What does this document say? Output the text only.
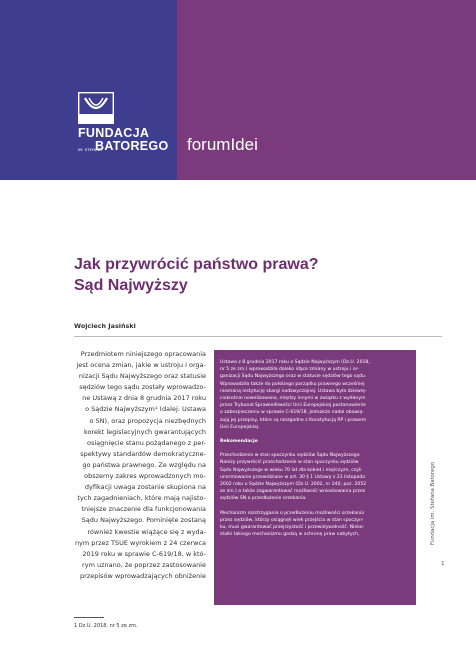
FUNDACJA
IM. STEFANA
BATOREGO forumIdei
Jak przywrócić państwo prawa?
Sąd Najwyższy
Wojciech Jasiński
Przedmiotem niniejszego opracowania
jest ocena zmian, jakie w ustroju i orga-
nizacji Sądu Najwyższego oraz statusie
sędziów tego sądu zostały wprowadzo-
ne Ustawą z dnia 8 grudnia 2017 roku
o Sądzie Najwyższym¹ (dalej: Ustawa
o SN), oraz propozycja niezbędnych
korekt legislacyjnych gwarantujących
osiągnięcie stanu pożądanego z per-
spektywy standardów demokratyczne-
go państwa prawnego. Ze względu na
obszerny zakres wprowadzonych mo-
dyfikacji uwaga zostanie skupiona na
tych zagadnieniach, które mają najisto-
tniejsze znaczenie dla funkcjonowania
Sądu Najwyższego. Pominięte zostaną
również kwestie wiążące się z wyda-
nym przez TSUE wyrokiem z 24 czerwca
2019 roku w sprawie C-619/18, w któ-
rym uznano, że poprzez zastosowanie
przepisów wprowadzających obniżenie
1 Dz.U. 2018, nr 5 ze zm.
Ustawa z 8 grudnia 2017 roku o Sądzie Najwyższym (Dz.U. 2018,
nr 5 ze zm.) wprowadziła daleko idące zmiany w ustroju i or-
ganizacji Sądu Najwyższego oraz w statusie sędziów tego sądu.
Wprowadziła także do polskiego porządku prawnego wcześniej
nieznaną instytucję skargi nadzwyczajnej. Ustawa była dziewię-
ciokrotnie nowelizowana, między innymi w związku z wydanym
przez Trybunał Sprawiedliwości Unii Europejskiej postanowienie
o zabezpieczeniu w sprawie C-619/18. Jednakże nadal obowią-
zują jej przepisy, które są niezgodne z Konstytucją RP i prawem
Unii Europejskiej.
Rekomendacje
Przechodzenie w stan spoczynku sędziów Sądu Najwyższego
Należy przywrócić przechodzenie w stan spoczynku sędziów
Sądu Najwyższego w wieku 70 lat dla kobiet i mężczyzn, czyli
unormowanie przewidziane w art. 30 § 1 Ustawy z 23 listopada
2002 roku o Sądzie Najwyższym (Dz.U. 2002, nr 240, poz. 2052
ze zm.) a także zagwarantować możliwość wnioskowania przez
sędziów SN o przedłużenie orzekania.
Mechanizm rozstrzygania o przedłużeniu możliwości orzekania
przez sędziów, którzy osiągnęli wiek przejścia w stan spoczyn-
ku, musi gwarantować przejrzystość i przewidywalność. Nieko-
stalki takiego mechanizmu godzą w ochronę praw nabytych,	Fundacja im. Stefana Batorego
1
